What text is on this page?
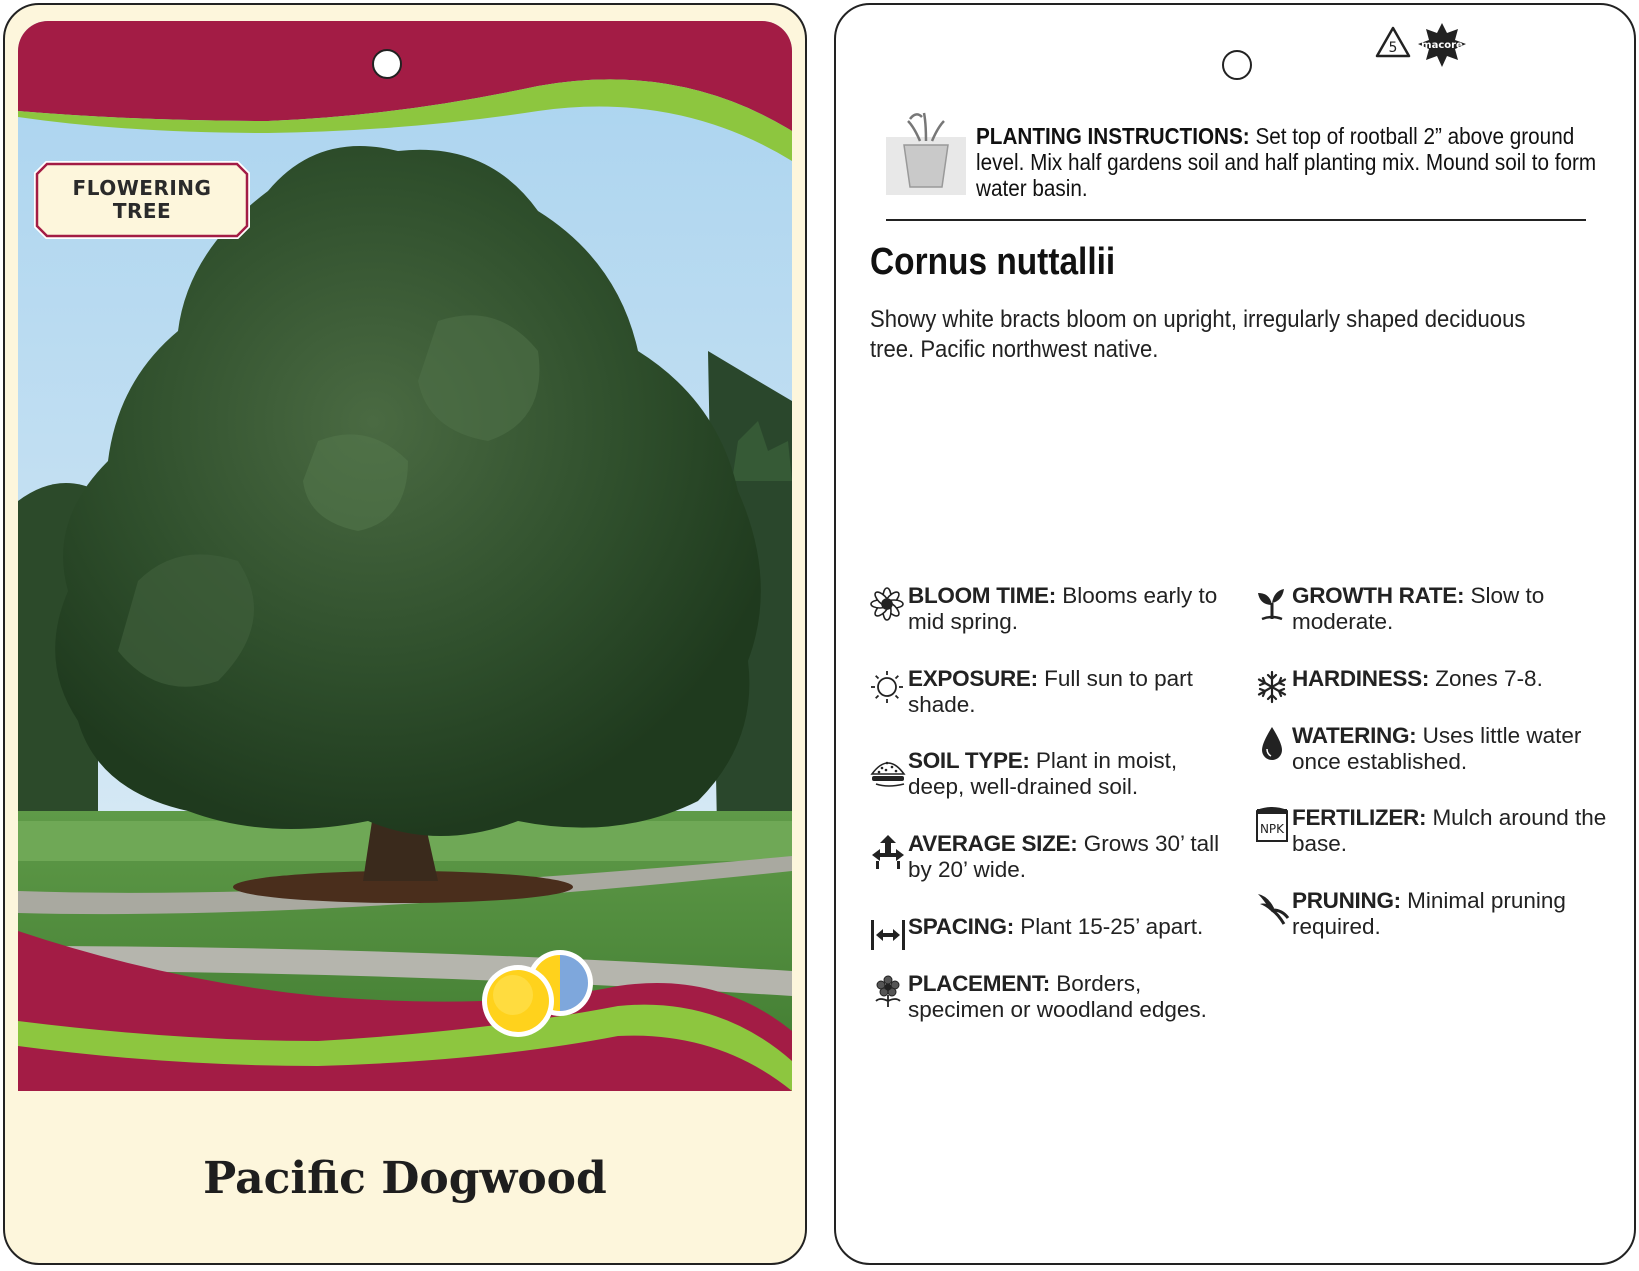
FLOWERING
TREE
Pacific Dogwood
5 macore
PLANTING INSTRUCTIONS: Set top of rootball 2” above ground level. Mix half gardens soil and half planting mix. Mound soil to form water basin.
Cornus nuttallii
Showy white bracts bloom on upright, irregularly shaped deciduous tree. Pacific northwest native.
BLOOM TIME: Blooms early to mid spring.
EXPOSURE: Full sun to part shade.
SOIL TYPE: Plant in moist, deep, well-drained soil.
AVERAGE SIZE: Grows 30’ tall by 20’ wide.
SPACING: Plant 15-25’ apart.
PLACEMENT: Borders, specimen or woodland edges.
GROWTH RATE: Slow to moderate.
HARDINESS: Zones 7-8.
WATERING: Uses little water once established.
NPK FERTILIZER: Mulch around the base.
PRUNING: Minimal pruning required.
